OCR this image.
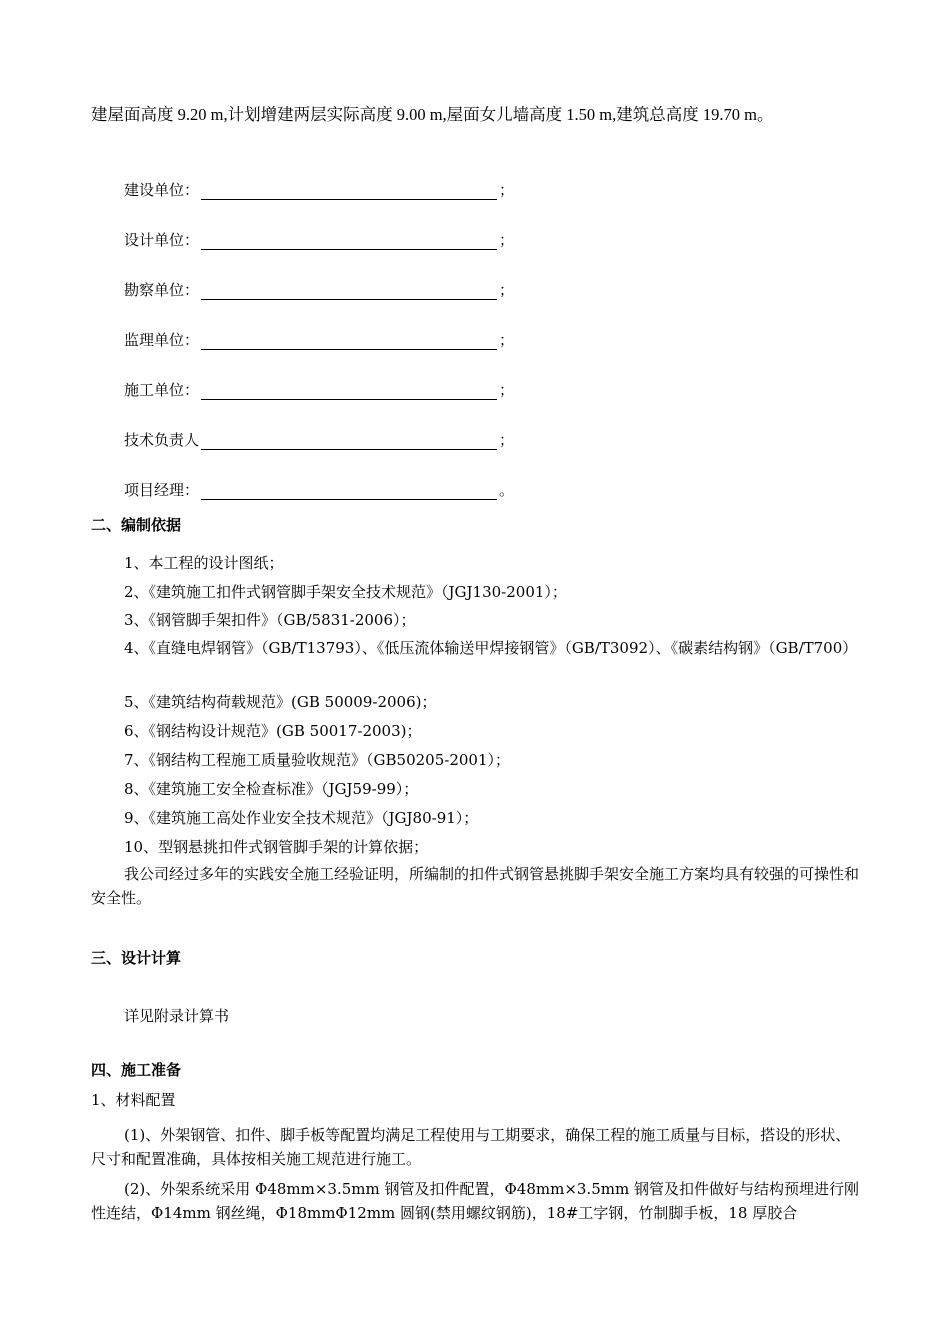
建屋面高度 9.20 m,计划增建两层实际高度 9.00 m,屋面女儿墙高度 1.50 m,建筑总高度 19.70 m。
建设单位：	；
设计单位：	；
勘察单位：	；
监理单位：	；
施工单位：	；
技术负责人	；
项目经理：	。
二、编制依据
1、本工程的设计图纸；
2、《建筑施工扣件式钢管脚手架安全技术规范》（JGJ130-2001）；
3、《钢管脚手架扣件》（GB/5831-2006）；
4、《直缝电焊钢管》（GB/T13793）、《低压流体输送甲焊接钢管》（GB/T3092）、《碳素结构钢》（GB/T700）
5、《建筑结构荷载规范》(GB 50009-2006)；
6、《钢结构设计规范》(GB 50017-2003)；
7、《钢结构工程施工质量验收规范》（GB50205-2001）；
8、《建筑施工安全检查标准》（JGJ59-99）；
9、《建筑施工高处作业安全技术规范》（JGJ80-91）；
10、型钢悬挑扣件式钢管脚手架的计算依据；
我公司经过多年的实践安全施工经验证明，所编制的扣件式钢管悬挑脚手架安全施工方案均具有较强的可操性和安全性。
三、设计计算
详见附录计算书
四、施工准备
1、材料配置
(1)、外架钢管、扣件、脚手板等配置均满足工程使用与工期要求，确保工程的施工质量与目标，搭设的形状、尺寸和配置准确，具体按相关施工规范进行施工。
(2)、外架系统采用 Φ48mm×3.5mm 钢管及扣件配置，Φ48mm×3.5mm 钢管及扣件做好与结构预埋进行刚性连结，Φ14mm 钢丝绳，Φ18mmΦ12mm 圆钢(禁用螺纹钢筋)，18#工字钢，竹制脚手板，18 厚胶合
